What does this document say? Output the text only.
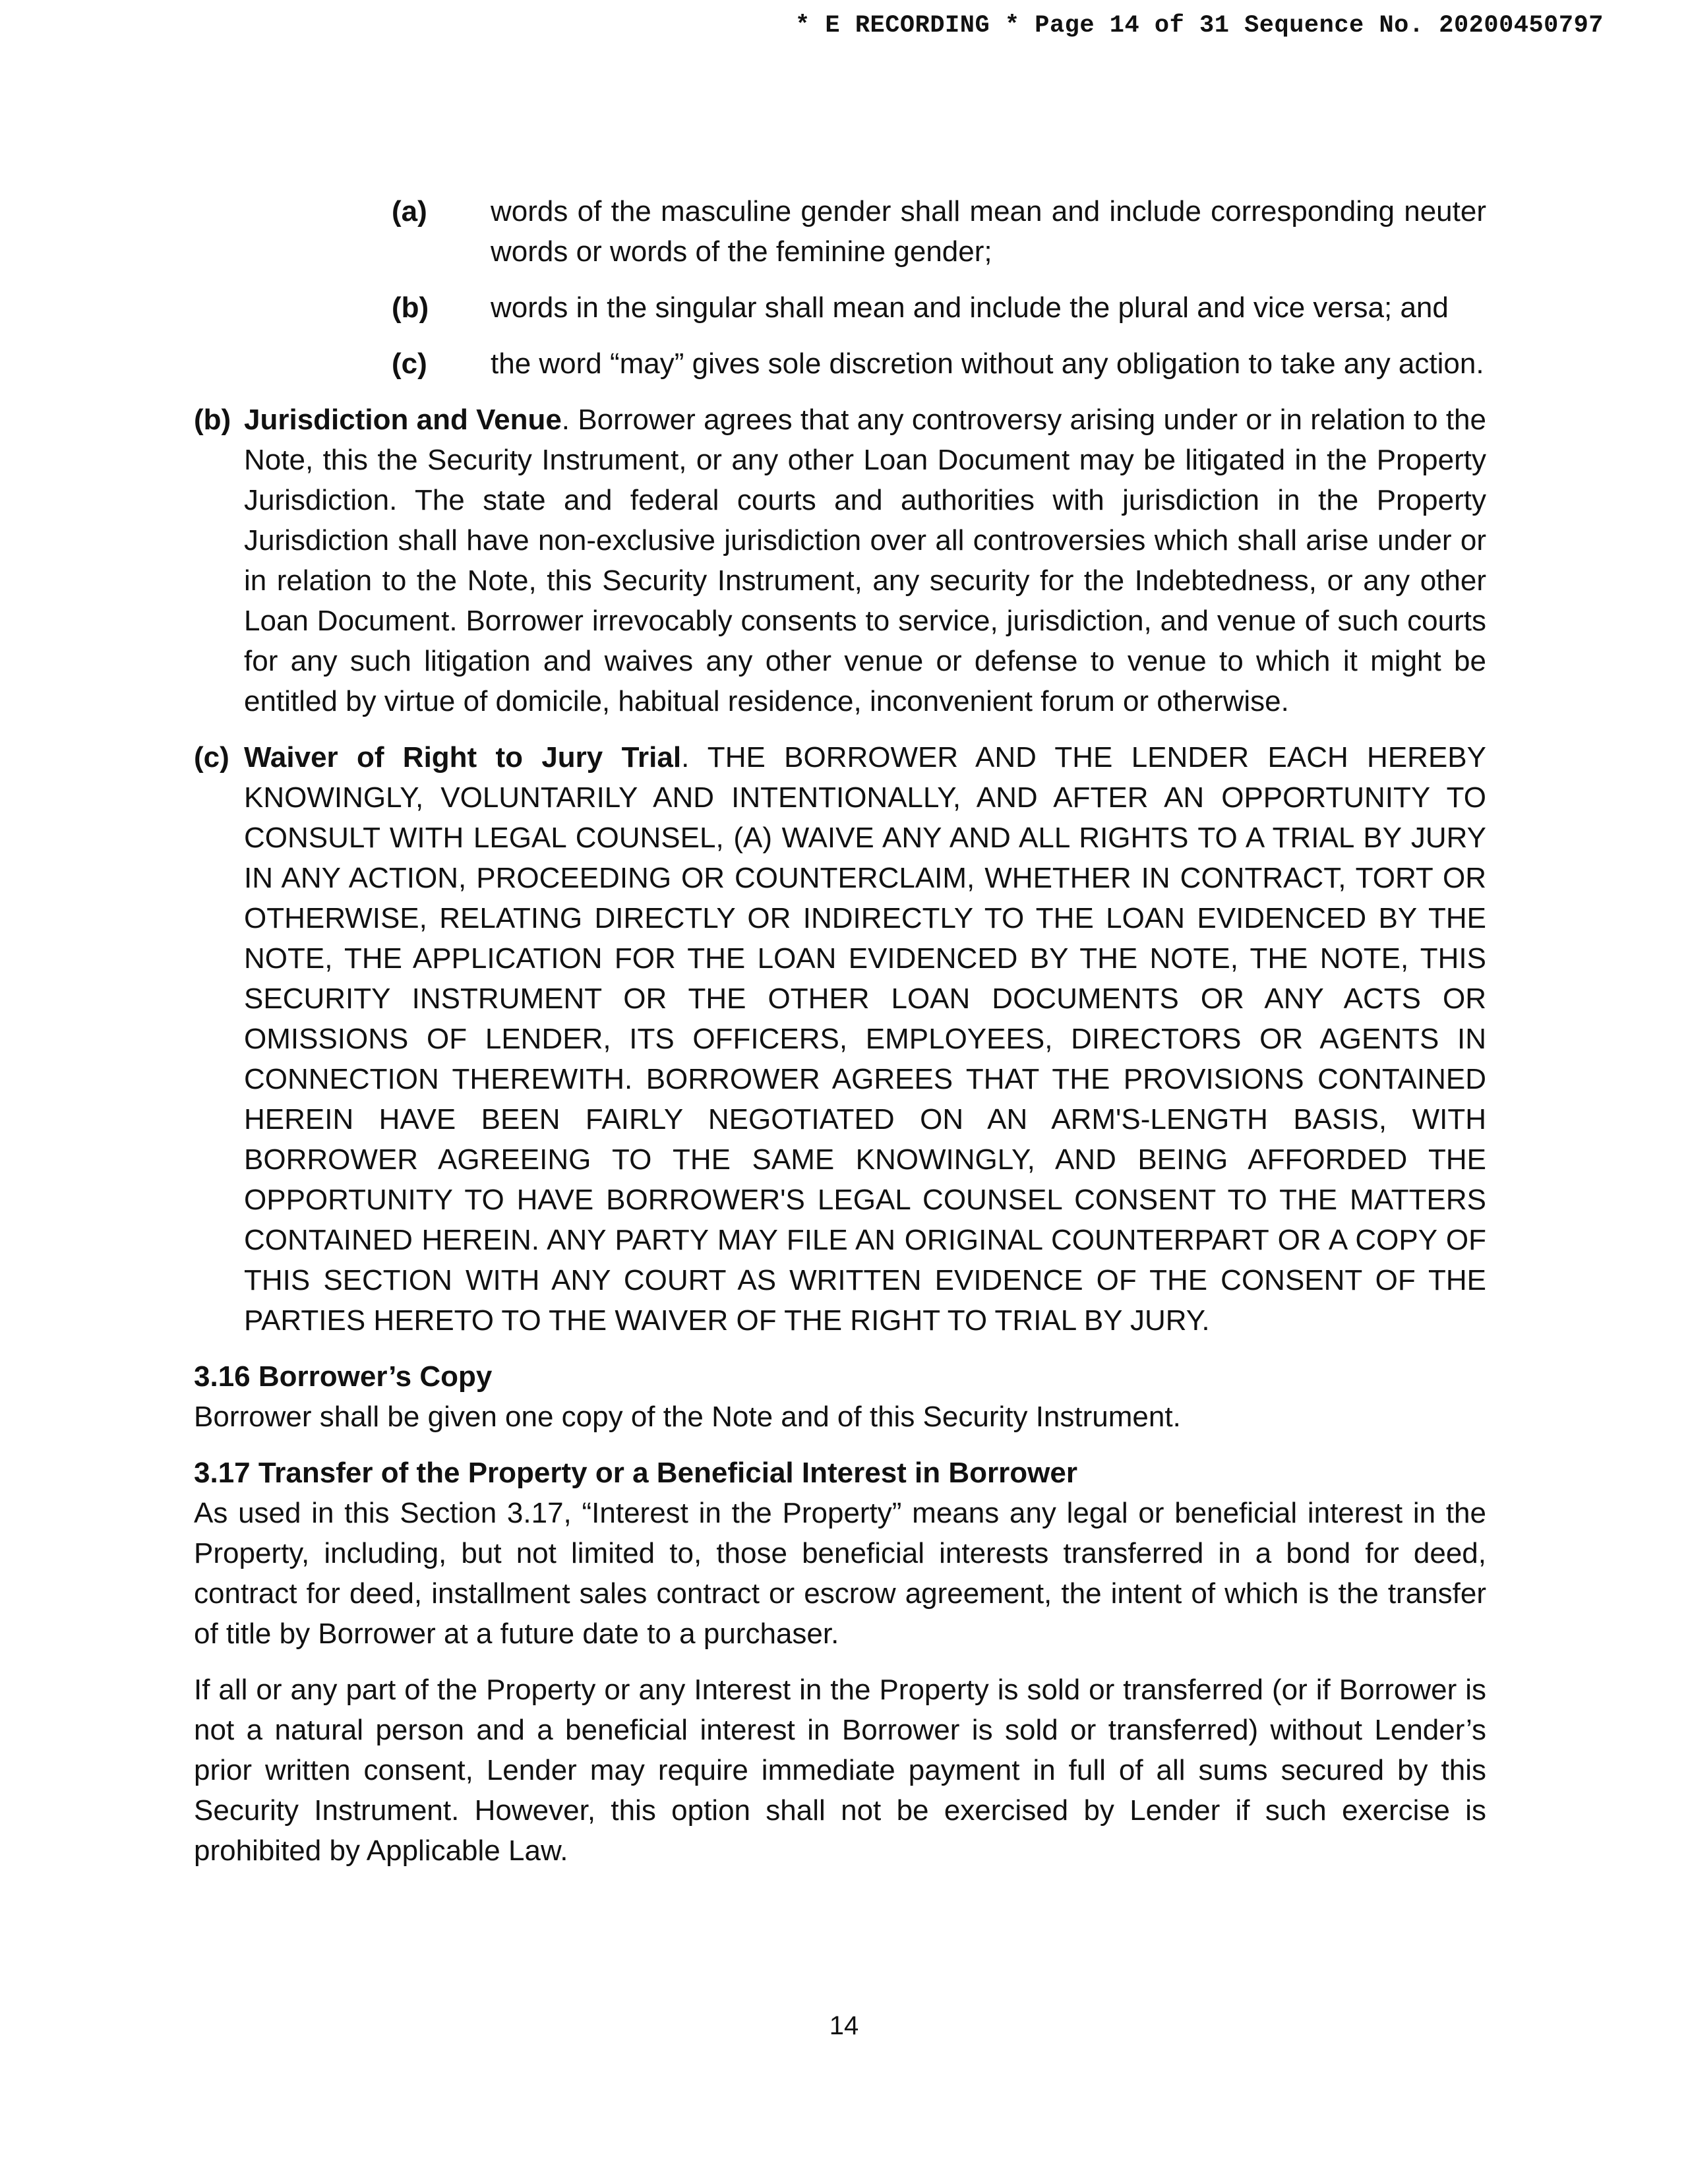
* E RECORDING * Page 14 of 31 Sequence No. 20200450797
(a)	words of the masculine gender shall mean and include corresponding neuter words or words of the feminine gender;
(b)	words in the singular shall mean and include the plural and vice versa; and
(c)	the word “may” gives sole discretion without any obligation to take any action.
(b) Jurisdiction and Venue. Borrower agrees that any controversy arising under or in relation to the Note, this the Security Instrument, or any other Loan Document may be litigated in the Property Jurisdiction. The state and federal courts and authorities with jurisdiction in the Property Jurisdiction shall have non-exclusive jurisdiction over all controversies which shall arise under or in relation to the Note, this Security Instrument, any security for the Indebtedness, or any other Loan Document. Borrower irrevocably consents to service, jurisdiction, and venue of such courts for any such litigation and waives any other venue or defense to venue to which it might be entitled by virtue of domicile, habitual residence, inconvenient forum or otherwise.
(c) Waiver of Right to Jury Trial. THE BORROWER AND THE LENDER EACH HEREBY KNOWINGLY, VOLUNTARILY AND INTENTIONALLY, AND AFTER AN OPPORTUNITY TO CONSULT WITH LEGAL COUNSEL, (A) WAIVE ANY AND ALL RIGHTS TO A TRIAL BY JURY IN ANY ACTION, PROCEEDING OR COUNTERCLAIM, WHETHER IN CONTRACT, TORT OR OTHERWISE, RELATING DIRECTLY OR INDIRECTLY TO THE LOAN EVIDENCED BY THE NOTE, THE APPLICATION FOR THE LOAN EVIDENCED BY THE NOTE, THE NOTE, THIS SECURITY INSTRUMENT OR THE OTHER LOAN DOCUMENTS OR ANY ACTS OR OMISSIONS OF LENDER, ITS OFFICERS, EMPLOYEES, DIRECTORS OR AGENTS IN CONNECTION THEREWITH. BORROWER AGREES THAT THE PROVISIONS CONTAINED HEREIN HAVE BEEN FAIRLY NEGOTIATED ON AN ARM'S-LENGTH BASIS, WITH BORROWER AGREEING TO THE SAME KNOWINGLY, AND BEING AFFORDED THE OPPORTUNITY TO HAVE BORROWER'S LEGAL COUNSEL CONSENT TO THE MATTERS CONTAINED HEREIN. ANY PARTY MAY FILE AN ORIGINAL COUNTERPART OR A COPY OF THIS SECTION WITH ANY COURT AS WRITTEN EVIDENCE OF THE CONSENT OF THE PARTIES HERETO TO THE WAIVER OF THE RIGHT TO TRIAL BY JURY.
3.16 Borrower’s Copy
Borrower shall be given one copy of the Note and of this Security Instrument.
3.17 Transfer of the Property or a Beneficial Interest in Borrower
As used in this Section 3.17, “Interest in the Property” means any legal or beneficial interest in the Property, including, but not limited to, those beneficial interests transferred in a bond for deed, contract for deed, installment sales contract or escrow agreement, the intent of which is the transfer of title by Borrower at a future date to a purchaser.
If all or any part of the Property or any Interest in the Property is sold or transferred (or if Borrower is not a natural person and a beneficial interest in Borrower is sold or transferred) without Lender’s prior written consent, Lender may require immediate payment in full of all sums secured by this Security Instrument. However, this option shall not be exercised by Lender if such exercise is prohibited by Applicable Law.
14
